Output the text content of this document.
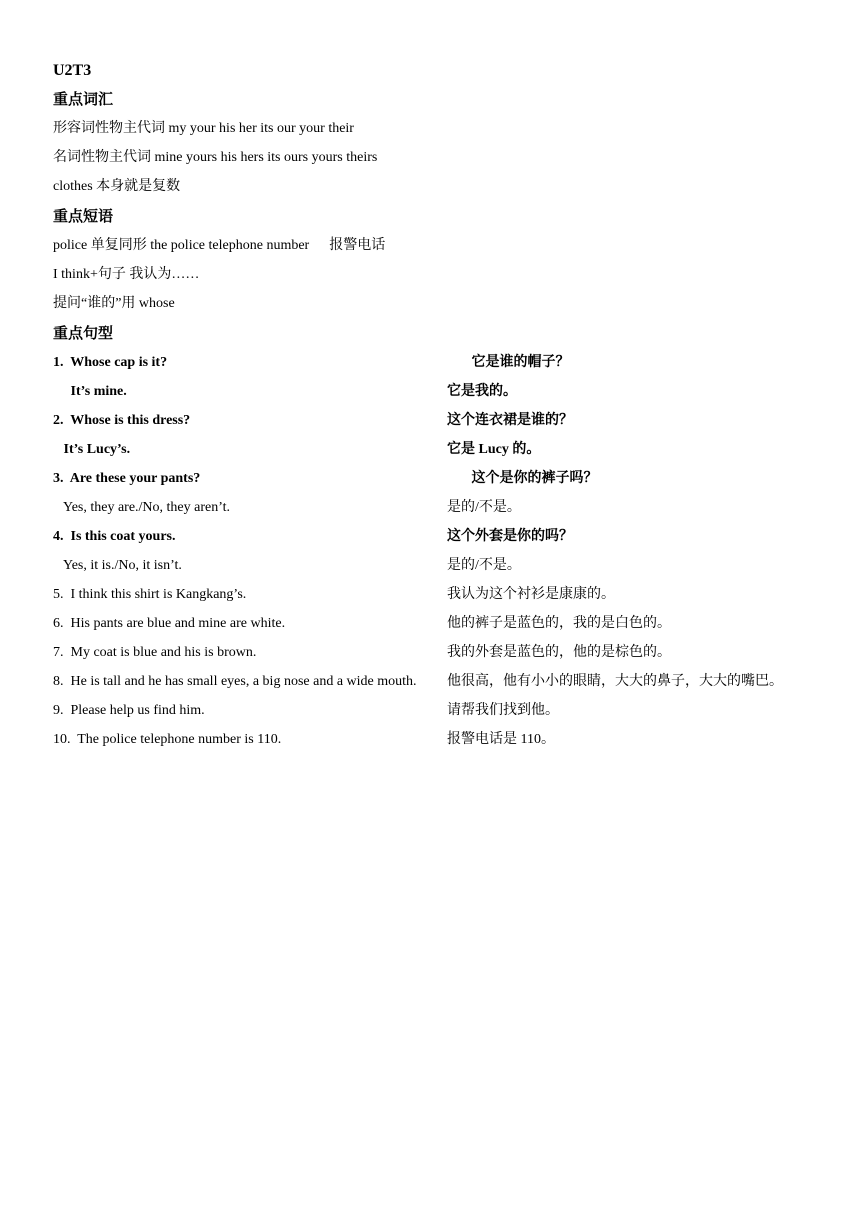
U2T3
重点词汇
形容词性物主代词 my your his her its our your their
名词性物主代词 mine yours his hers its ours yours theirs
clothes 本身就是复数
重点短语
police 单复同形 the police telephone number 报警电话
I think+句子 我认为……
提问“谁的”用 whose
重点句型
1.  Whose cap is it?	它是谁的帽子？
It’s mine.	它是我的。
2.  Whose is this dress?	这个连衣裙是谁的？
It’s Lucy’s.	它是 Lucy 的。
3.  Are these your pants?	这个是你的裤子吗？
Yes, they are./No, they aren’t.	是的/不是。
4.  Is this coat yours.	这个外套是你的吗？
Yes, it is./No, it isn’t.	是的/不是。
5.  I think this shirt is Kangkang’s.	我认为这个衬衫是康康的。
6.  His pants are blue and mine are white.	他的裤子是蓝色的，我的是白色的。
7.  My coat is blue and his is brown.	我的外套是蓝色的，他的是棕色的。
8.  He is tall and he has small eyes, a big nose and a wide mouth. 他很高，他有小小的眼睛，大大的鼻子，大大的嘴巴。
9.  Please help us find him.	请帮我们找到他。
10.  The police telephone number is 110.	报警电话是 110。
